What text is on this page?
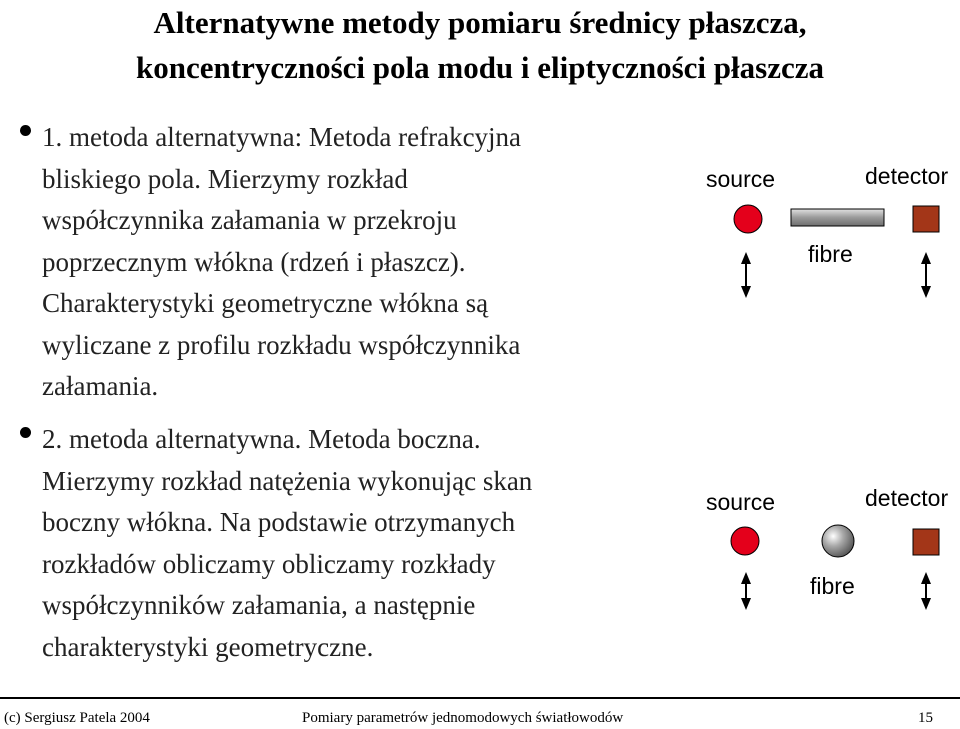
Alternatywne metody pomiaru średnicy płaszcza,
koncentryczności pola modu i eliptyczności płaszcza
1. metoda alternatywna: Metoda refrakcyjna
bliskiego pola. Mierzymy rozkład
współczynnika załamania w przekroju
poprzecznym włókna (rdzeń i płaszcz).
Charakterystyki geometryczne włókna są
wyliczane z profilu rozkładu współczynnika
załamania.
2. metoda alternatywna. Metoda boczna.
Mierzymy rozkład natężenia wykonując skan
boczny włókna. Na podstawie otrzymanych
rozkładów obliczamy obliczamy rozkłady
współczynników załamania, a następnie
charakterystyki geometryczne.
source	detector
fibre
source	detector
fibre
(c) Sergiusz Patela 2004	Pomiary parametrów jednomodowych światłowodów	15
